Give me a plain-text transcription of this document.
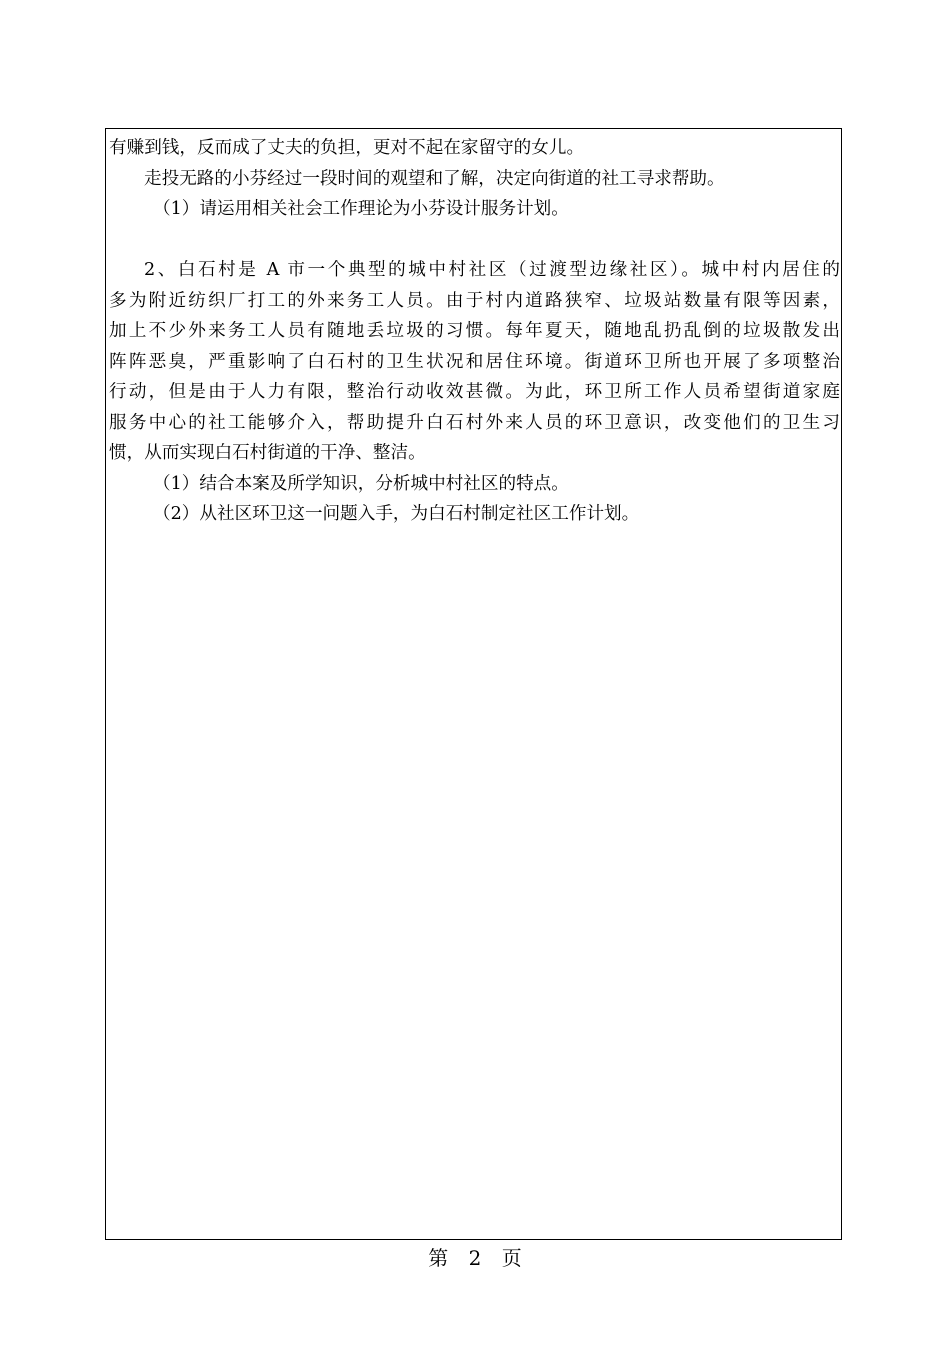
有赚到钱，反而成了丈夫的负担，更对不起在家留守的女儿。
走投无路的小芬经过一段时间的观望和了解，决定向街道的社工寻求帮助。
（1）请运用相关社会工作理论为小芬设计服务计划。
2、白石村是 A 市一个典型的城中村社区（过渡型边缘社区）。城中村内居住的
多为附近纺织厂打工的外来务工人员。由于村内道路狭窄、垃圾站数量有限等因素，
加上不少外来务工人员有随地丢垃圾的习惯。每年夏天，随地乱扔乱倒的垃圾散发出
阵阵恶臭，严重影响了白石村的卫生状况和居住环境。街道环卫所也开展了多项整治
行动，但是由于人力有限，整治行动收效甚微。为此，环卫所工作人员希望街道家庭
服务中心的社工能够介入，帮助提升白石村外来人员的环卫意识，改变他们的卫生习
惯，从而实现白石村街道的干净、整洁。
（1）结合本案及所学知识，分析城中村社区的特点。
（2）从社区环卫这一问题入手，为白石村制定社区工作计划。
第 2 页
